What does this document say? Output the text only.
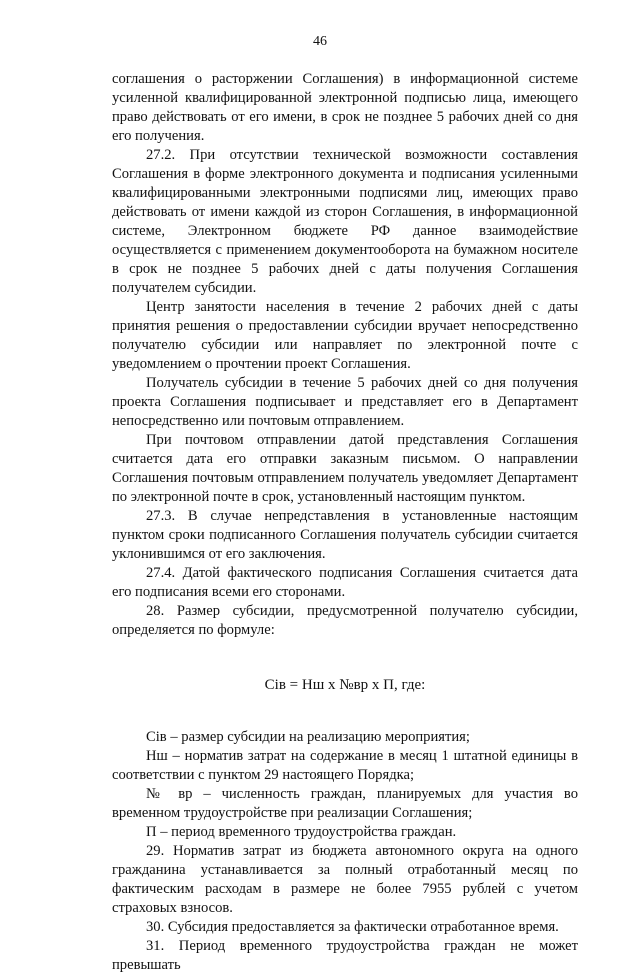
46

соглашения о расторжении Соглашения) в информационной системе усиленной квалифицированной электронной подписью лица, имеющего право действовать от его имени, в срок не позднее 5 рабочих дней со дня его получения.

27.2. При отсутствии технической возможности составления Соглашения в форме электронного документа и подписания усиленными квалифицированными электронными подписями лиц, имеющих право действовать от имени каждой из сторон Соглашения, в информационной системе, Электронном бюджете РФ данное взаимодействие осуществляется с применением документооборота на бумажном носителе в срок не позднее 5 рабочих дней с даты получения Соглашения получателем субсидии.

Центр занятости населения в течение 2 рабочих дней с даты принятия решения о предоставлении субсидии вручает непосредственно получателю субсидии или направляет по электронной почте с уведомлением о прочтении проект Соглашения.

Получатель субсидии в течение 5 рабочих дней со дня получения проекта Соглашения подписывает и представляет его в Департамент непосредственно или почтовым отправлением.

При почтовом отправлении датой представления Соглашения считается дата его отправки заказным письмом. О направлении Соглашения почтовым отправлением получатель уведомляет Департамент по электронной почте в срок, установленный настоящим пунктом.

27.3. В случае непредставления в установленные настоящим пунктом сроки подписанного Соглашения получатель субсидии считается уклонившимся от его заключения.

27.4. Датой фактического подписания Соглашения считается дата его подписания всеми его сторонами.

28. Размер субсидии, предусмотренной получателю субсидии, определяется по формуле:

Ciв = Нш х №вр х П, где:

Ciв – размер субсидии на реализацию мероприятия;

Нш – норматив затрат на содержание в месяц 1 штатной единицы в соответствии с пунктом 29 настоящего Порядка;

№ вр – численность граждан, планируемых для участия во временном трудоустройстве при реализации Соглашения;

П – период временного трудоустройства граждан.

29. Норматив затрат из бюджета автономного округа на одного гражданина устанавливается за полный отработанный месяц по фактическим расходам в размере не более 7955 рублей с учетом страховых взносов.

30. Субсидия предоставляется за фактически отработанное время.

31. Период временного трудоустройства граждан не может превышать
